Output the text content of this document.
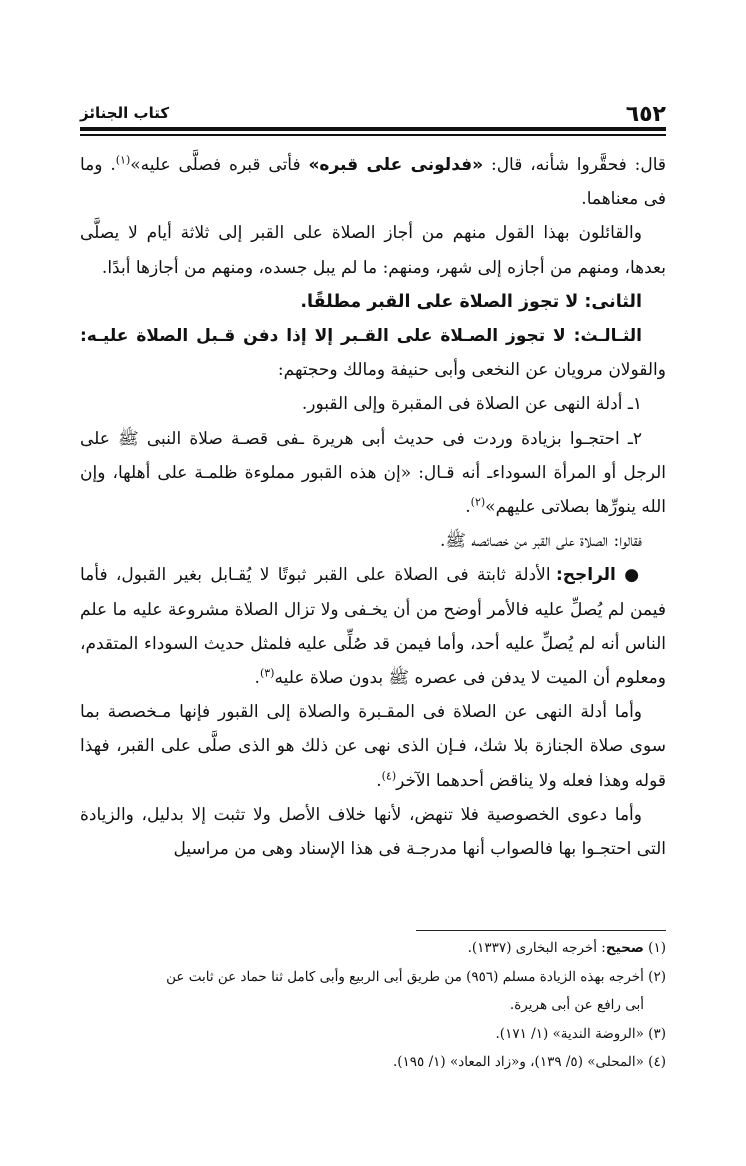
كتاب الجنائز	٦٥٢

قال: فحقَّروا شأنه، قال: «فدلونى على قبره» فأتى قبره فصلَّى عليه»$^{(١)}$. وما فى معناهما.

والقائلون بهذا القول منهم من أجاز الصلاة على القبر إلى ثلاثة أيام لا يصلَّى بعدها، ومنهم من أجازه إلى شهر، ومنهم: ما لم يبل جسده، ومنهم من أجازها أبدًا.

الثانى: لا تجوز الصلاة على القبر مطلقًا.

الثـالـث: لا تجوز الصـلاة على القـبر إلا إذا دفن قـبل الصلاة عليـه: والقولان مرويان عن النخعى وأبى حنيفة ومالك وحجتهم:

١ـ أدلة النهى عن الصلاة فى المقبرة وإلى القبور.

٢ـ احتجـوا بزيادة وردت فى حديث أبى هريرة ـفى قصـة صلاة النبى ﷺ على الرجل أو المرأة السوداءـ أنه قـال: «إن هذه القبور مملوءة ظلمـة على أهلها، وإن الله ينورِّها بصلاتى عليهم»$^{(٢)}$.

فقالوا: الصلاة على القبر من خصائصه ﷺ.

● الراجح: الأدلة ثابتة فى الصلاة على القبر ثبوتًا لا يُقـابل بغير القبول، فأما فيمن لم يُصلِّ عليه فالأمر أوضح من أن يخـفى ولا تزال الصلاة مشروعة عليه ما علم الناس أنه لم يُصلِّ عليه أحد، وأما فيمن قد صُلِّى عليه فلمثل حديث السوداء المتقدم، ومعلوم أن الميت لا يدفن فى عصره ﷺ بدون صلاة عليه$^{(٣)}$.

وأما أدلة النهى عن الصلاة فى المقـبرة والصلاة إلى القبور فإنها مـخصصة بما سوى صلاة الجنازة بلا شك، فـإن الذى نهى عن ذلك هو الذى صلَّى على القبر، فهذا قوله وهذا فعله ولا يناقض أحدهما الآخر$^{(٤)}$.

وأما دعوى الخصوصية فلا تنهض، لأنها خلاف الأصل ولا تثبت إلا بدليل، والزيادة التى احتجـوا بها فالصواب أنها مدرجـة فى هذا الإسناد وهى من مراسيل

(١) صحيح: أخرجه البخارى (١٣٣٧).

(٢) أخرجه بهذه الزيادة مسلم (٩٥٦) من طريق أبى الربيع وأبى كامل ثنا حماد عن ثابت عن

أبى رافع عن أبى هريرة.

(٣) «الروضة الندية» (١/ ١٧١).

(٤) «المحلى» (٥/ ١٣٩)، و«زاد المعاد» (١/ ١٩٥).
